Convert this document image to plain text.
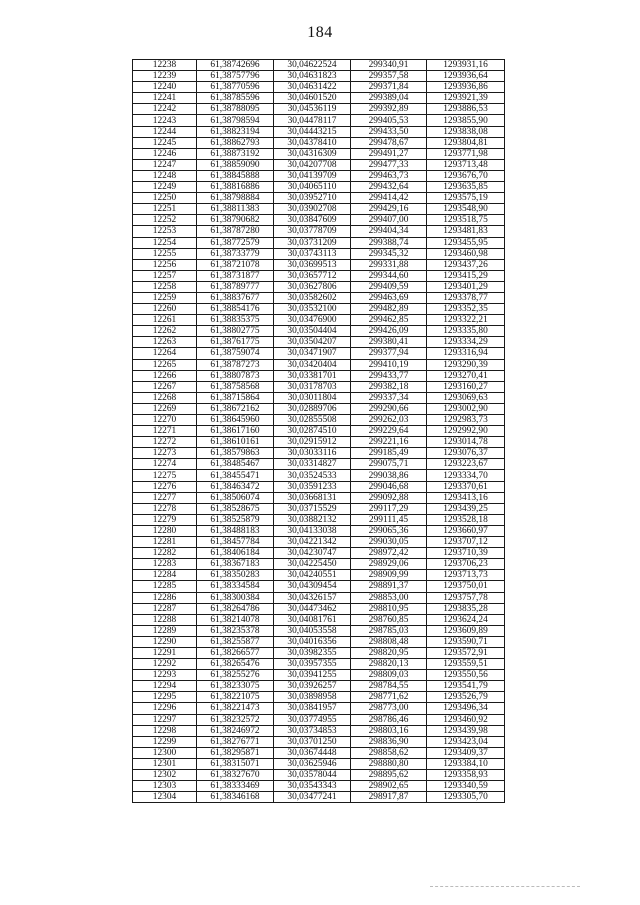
184
12238	61,38742696	30,04622524	299340,91	1293931,16
12239	61,38757796	30,04631823	299357,58	1293936,64
12240	61,38770596	30,04631422	299371,84	1293936,86
12241	61,38785596	30,04601520	299389,04	1293921,39
12242	61,38788095	30,04536119	299392,89	1293886,53
12243	61,38798594	30,04478117	299405,53	1293855,90
12244	61,38823194	30,04443215	299433,50	1293838,08
12245	61,38862793	30,04378410	299478,67	1293804,81
12246	61,38873192	30,04316309	299491,27	1293771,98
12247	61,38859090	30,04207708	299477,33	1293713,48
12248	61,38845888	30,04139709	299463,73	1293676,70
12249	61,38816886	30,04065110	299432,64	1293635,85
12250	61,38798884	30,03952710	299414,42	1293575,19
12251	61,38811383	30,03902708	299429,16	1293548,90
12252	61,38790682	30,03847609	299407,00	1293518,75
12253	61,38787280	30,03778709	299404,34	1293481,83
12254	61,38772579	30,03731209	299388,74	1293455,95
12255	61,38733779	30,03743113	299345,32	1293460,98
12256	61,38721078	30,03699513	299331,88	1293437,26
12257	61,38731877	30,03657712	299344,60	1293415,29
12258	61,38789777	30,03627806	299409,59	1293401,29
12259	61,38837677	30,03582602	299463,69	1293378,77
12260	61,38854176	30,03532100	299482,89	1293352,35
12261	61,38835375	30,03476900	299462,85	1293322,21
12262	61,38802775	30,03504404	299426,09	1293335,80
12263	61,38761775	30,03504207	299380,41	1293334,29
12264	61,38759074	30,03471907	299377,94	1293316,94
12265	61,38787273	30,03420404	299410,19	1293290,39
12266	61,38807873	30,03381701	299433,77	1293270,41
12267	61,38758568	30,03178703	299382,18	1293160,27
12268	61,38715864	30,03011804	299337,34	1293069,63
12269	61,38672162	30,02889706	299290,66	1293002,90
12270	61,38645960	30,02855508	299262,03	1292983,73
12271	61,38617160	30,02874510	299229,64	1292992,90
12272	61,38610161	30,02915912	299221,16	1293014,78
12273	61,38579863	30,03033116	299185,49	1293076,37
12274	61,38485467	30,03314827	299075,71	1293223,67
12275	61,38455471	30,03524533	299038,86	1293334,70
12276	61,38463472	30,03591233	299046,68	1293370,61
12277	61,38506074	30,03668131	299092,88	1293413,16
12278	61,38528675	30,03715529	299117,29	1293439,25
12279	61,38525879	30,03882132	299111,45	1293528,18
12280	61,38488183	30,04133038	299065,36	1293660,97
12281	61,38457784	30,04221342	299030,05	1293707,12
12282	61,38406184	30,04230747	298972,42	1293710,39
12283	61,38367183	30,04225450	298929,06	1293706,23
12284	61,38350283	30,04240551	298909,99	1293713,73
12285	61,38334584	30,04309454	298891,37	1293750,01
12286	61,38300384	30,04326157	298853,00	1293757,78
12287	61,38264786	30,04473462	298810,95	1293835,28
12288	61,38214078	30,04081761	298760,85	1293624,24
12289	61,38235378	30,04053558	298785,03	1293609,89
12290	61,38255877	30,04016356	298808,48	1293590,71
12291	61,38266577	30,03982355	298820,95	1293572,91
12292	61,38265476	30,03957355	298820,13	1293559,51
12293	61,38255276	30,03941255	298809,03	1293550,56
12294	61,38233075	30,03926257	298784,55	1293541,79
12295	61,38221075	30,03898958	298771,62	1293526,79
12296	61,38221473	30,03841957	298773,00	1293496,34
12297	61,38232572	30,03774955	298786,46	1293460,92
12298	61,38246972	30,03734853	298803,16	1293439,98
12299	61,38276771	30,03701250	298836,90	1293423,04
12300	61,38295871	30,03674448	298858,62	1293409,37
12301	61,38315071	30,03625946	298880,80	1293384,10
12302	61,38327670	30,03578044	298895,62	1293358,93
12303	61,38333469	30,03543343	298902,65	1293340,59
12304	61,38346168	30,03477241	298917,87	1293305,70
